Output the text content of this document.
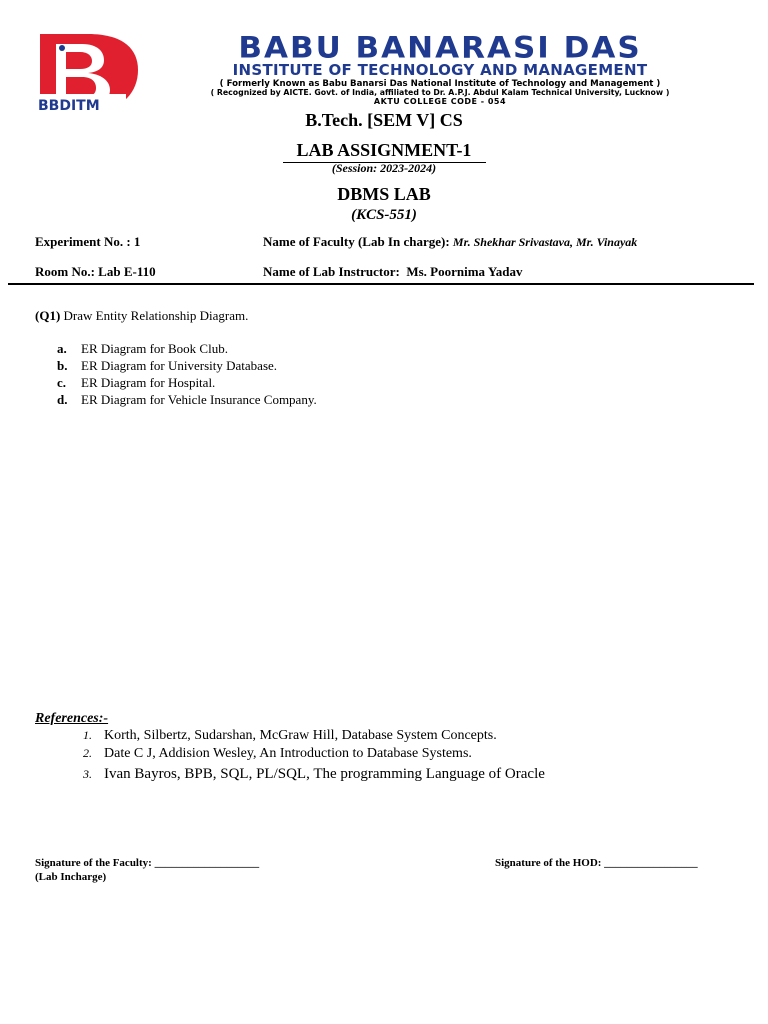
BBDITM
BABU BANARASI DAS
INSTITUTE OF TECHNOLOGY AND MANAGEMENT
( Formerly Known as Babu Banarsi Das National Institute of Technology and Management )
( Recognized by AICTE. Govt. of India, affiliated to Dr. A.P.J. Abdul Kalam Technical University, Lucknow )
AKTU COLLEGE CODE - 054
B.Tech. [SEM V] CS
LAB ASSIGNMENT-1
(Session: 2023-2024)
DBMS LAB
(KCS-551)
Experiment No. : 1	Name of Faculty (Lab In charge): Mr. Shekhar Srivastava, Mr. Vinayak
Room No.: Lab E-110	Name of Lab Instructor: Ms. Poornima Yadav
(Q1) Draw Entity Relationship Diagram.
a. ER Diagram for Book Club.
b. ER Diagram for University Database.
c. ER Diagram for Hospital.
d. ER Diagram for Vehicle Insurance Company.
References:-
1. Korth, Silbertz, Sudarshan, McGraw Hill, Database System Concepts.
2. Date C J, Addision Wesley, An Introduction to Database Systems.
3. Ivan Bayros, BPB, SQL, PL/SQL, The programming Language of Oracle
Signature of the Faculty: ___________________
(Lab Incharge)
Signature of the HOD: _________________
